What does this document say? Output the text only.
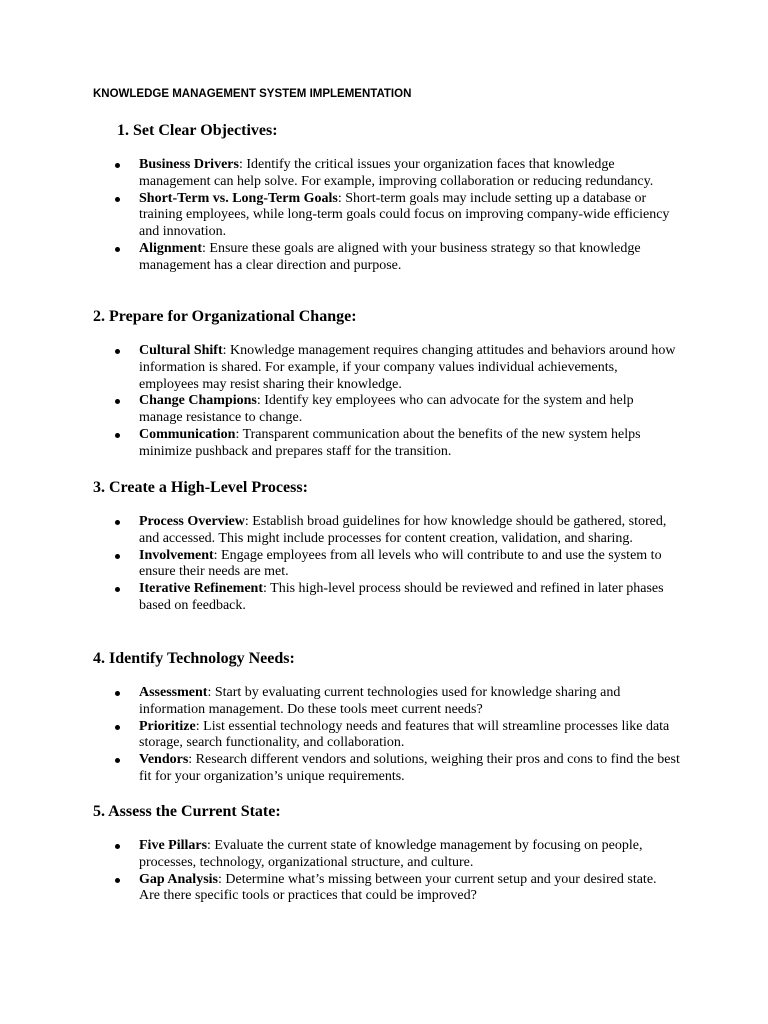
KNOWLEDGE MANAGEMENT SYSTEM IMPLEMENTATION
1. Set Clear Objectives:
Business Drivers: Identify the critical issues your organization faces that knowledge management can help solve. For example, improving collaboration or reducing redundancy.
Short-Term vs. Long-Term Goals: Short-term goals may include setting up a database or training employees, while long-term goals could focus on improving company-wide efficiency and innovation.
Alignment: Ensure these goals are aligned with your business strategy so that knowledge management has a clear direction and purpose.
2. Prepare for Organizational Change:
Cultural Shift: Knowledge management requires changing attitudes and behaviors around how information is shared. For example, if your company values individual achievements, employees may resist sharing their knowledge.
Change Champions: Identify key employees who can advocate for the system and help manage resistance to change.
Communication: Transparent communication about the benefits of the new system helps minimize pushback and prepares staff for the transition.
3. Create a High-Level Process:
Process Overview: Establish broad guidelines for how knowledge should be gathered, stored, and accessed. This might include processes for content creation, validation, and sharing.
Involvement: Engage employees from all levels who will contribute to and use the system to ensure their needs are met.
Iterative Refinement: This high-level process should be reviewed and refined in later phases based on feedback.
4. Identify Technology Needs:
Assessment: Start by evaluating current technologies used for knowledge sharing and information management. Do these tools meet current needs?
Prioritize: List essential technology needs and features that will streamline processes like data storage, search functionality, and collaboration.
Vendors: Research different vendors and solutions, weighing their pros and cons to find the best fit for your organization’s unique requirements.
5. Assess the Current State:
Five Pillars: Evaluate the current state of knowledge management by focusing on people, processes, technology, organizational structure, and culture.
Gap Analysis: Determine what’s missing between your current setup and your desired state. Are there specific tools or practices that could be improved?
